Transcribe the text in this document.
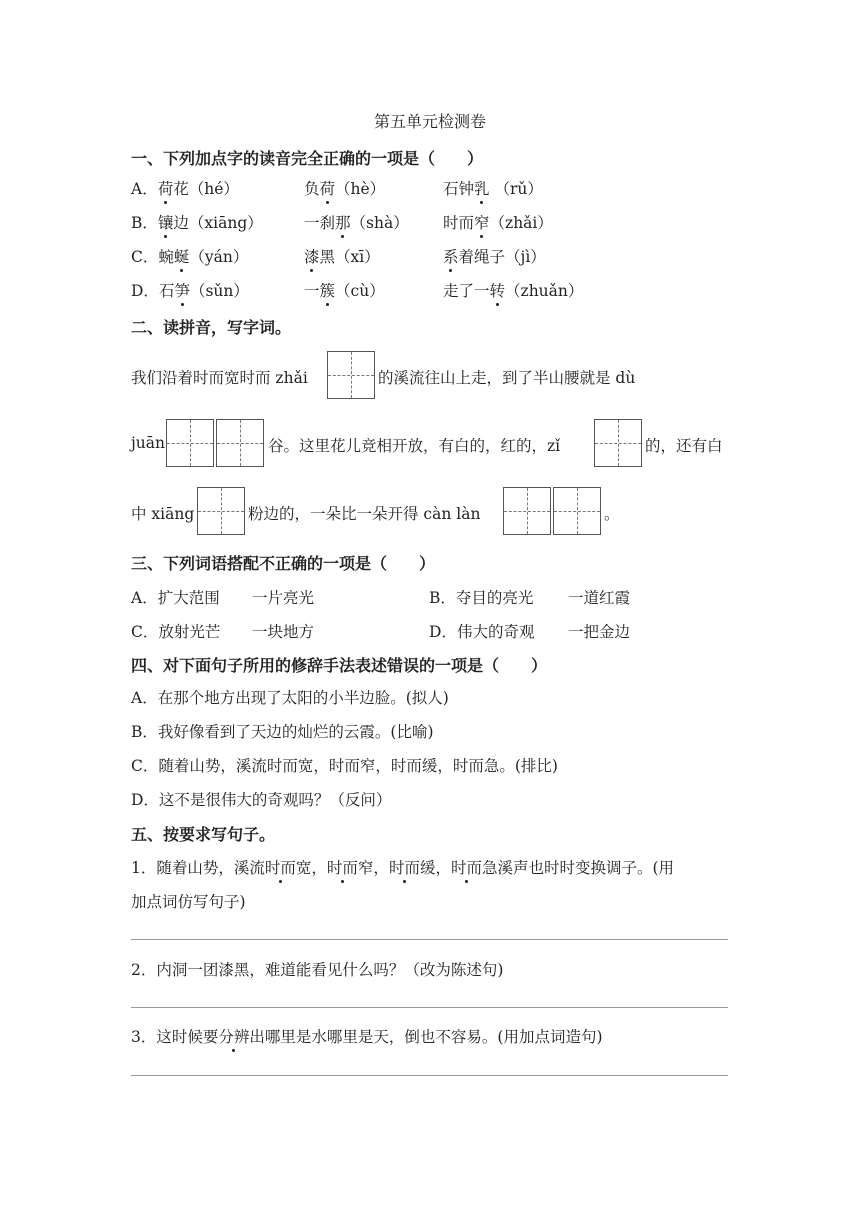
第五单元检测卷
一、下列加点字的读音完全正确的一项是（　　）
A．荷花（hé）	负荷（hè）	石钟乳 （rǔ）
B．镶边（xiāng）	一刹那（shà） 时而窄（zhǎi）
C．蜿蜒（yán）	漆黑（xī）	系着绳子（jì）
D．石笋（sǔn）	一簇（cù）	走了一转（zhuǎn）
二、读拼音，写字词。
我们沿着时而宽时而 zhǎi	的溪流往山上走，到了半山腰就是 dù
juān	谷。这里花儿竞相开放，有白的，红的，zǐ	的，还有白
中 xiāng	粉边的，一朵比一朵开得 càn làn	。
三、下列词语搭配不正确的一项是（　　）
A．扩大范围 一片亮光	B．夺目的亮光 一道红霞
C．放射光芒 一块地方	D．伟大的奇观 一把金边
四、对下面句子所用的修辞手法表述错误的一项是（　　）
A．在那个地方出现了太阳的小半边脸。(拟人)
B．我好像看到了天边的灿烂的云霞。(比喻)
C．随着山势，溪流时而宽，时而窄，时而缓，时而急。(排比)
D．这不是很伟大的奇观吗？（反问）
五、按要求写句子。
1．随着山势，溪流时而宽，时而窄，时而缓，时而急溪声也时时变换调子。(用
加点词仿写句子)
2．内洞一团漆黑，难道能看见什么吗？（改为陈述句)
3．这时候要分辨出哪里是水哪里是天，倒也不容易。(用加点词造句)
